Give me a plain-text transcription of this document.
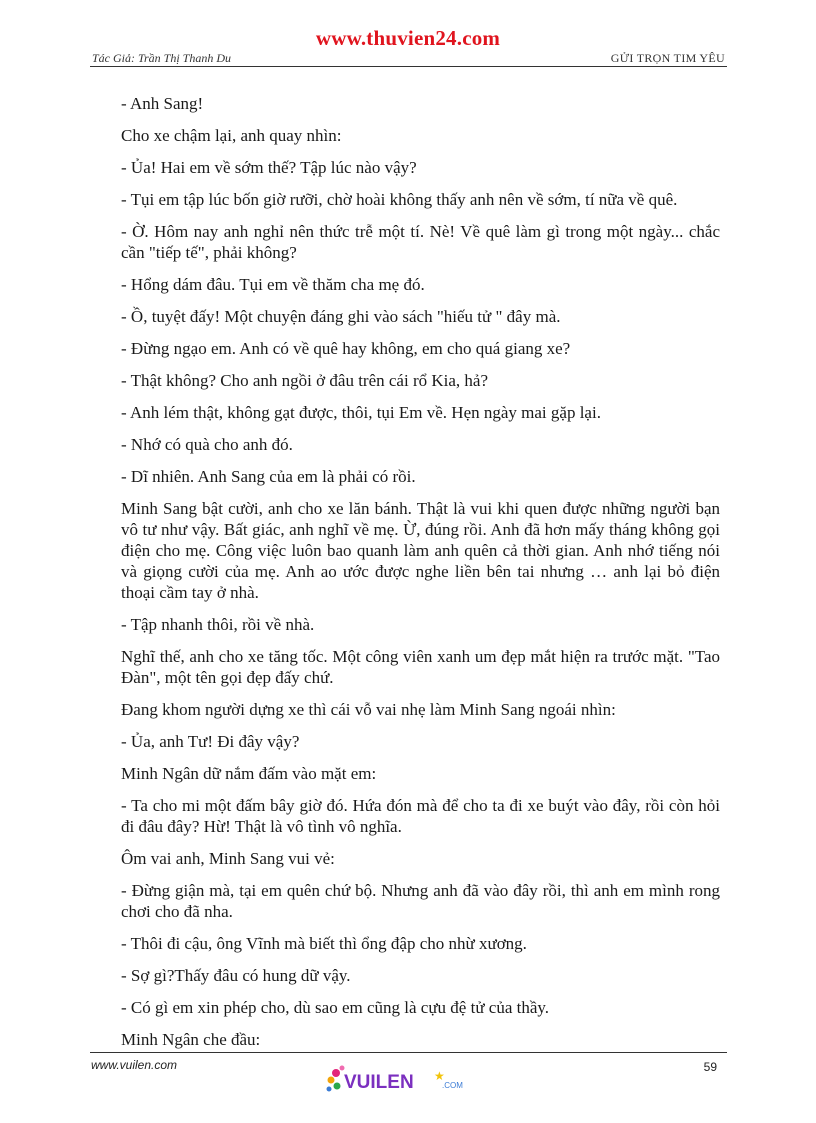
www.thuvien24.com
Tác Giả: Trần Thị Thanh Du	GỬI TRỌN TIM YÊU

- Anh Sang!

Cho xe chậm lại, anh quay nhìn:

- Ủa! Hai em về sớm thế? Tập lúc nào vậy?

- Tụi em tập lúc bốn giờ rưỡi, chờ hoài không thấy anh nên về sớm, tí nữa về quê.

- Ờ. Hôm nay anh nghỉ nên thức trễ một tí. Nè! Về quê làm gì trong một ngày... chắc cần "tiếp tế", phải không?

- Hổng dám đâu. Tụi em về thăm cha mẹ đó.

- Ồ, tuyệt đấy! Một chuyện đáng ghi vào sách "hiếu tử " đây mà.

- Đừng ngạo em. Anh có về quê hay không, em cho quá giang xe?

- Thật không? Cho anh ngồi ở đâu trên cái rổ Kia, hả?

- Anh lém thật, không gạt được, thôi, tụi Em về. Hẹn ngày mai gặp lại.

- Nhớ có quà cho anh đó.

- Dĩ nhiên. Anh Sang của em là phải có rồi.

Minh Sang bật cười, anh cho xe lăn bánh. Thật là vui khi quen được những người bạn vô tư như vậy. Bất giác, anh nghĩ về mẹ. Ừ, đúng rồi. Anh đã hơn mấy tháng không gọi điện cho mẹ. Công việc luôn bao quanh làm anh quên cả thời gian. Anh nhớ tiếng nói và giọng cười của mẹ. Anh ao ước được nghe liền bên tai nhưng … anh lại bỏ điện thoại cầm tay ở nhà.

- Tập nhanh thôi, rồi về nhà.

Nghĩ thế, anh cho xe tăng tốc. Một công viên xanh um đẹp mắt hiện ra trước mặt. "Tao Đàn", một tên gọi đẹp đấy chứ.

Đang khom người dựng xe thì cái vỗ vai nhẹ làm Minh Sang ngoái nhìn:

- Ủa, anh Tư! Đi đây vậy?

Minh Ngân dữ nắm đấm vào mặt em:

- Ta cho mi một đấm bây giờ đó. Hứa đón mà để cho ta đi xe buýt vào đây, rồi còn hỏi đi đâu đây? Hừ! Thật là vô tình vô nghĩa.

Ôm vai anh, Minh Sang vui vẻ:

- Đừng giận mà, tại em quên chứ bộ. Nhưng anh đã vào đây rồi, thì anh em mình rong chơi cho đã nha.

- Thôi đi cậu, ông Vĩnh mà biết thì ổng đập cho nhừ xương.

- Sợ gì?Thấy đâu có hung dữ vậy.

- Có gì em xin phép cho, dù sao em cũng là cựu đệ tử của thầy.

Minh Ngân che đầu:

www.vuilen.com
VUILEN ★
.COM
59
